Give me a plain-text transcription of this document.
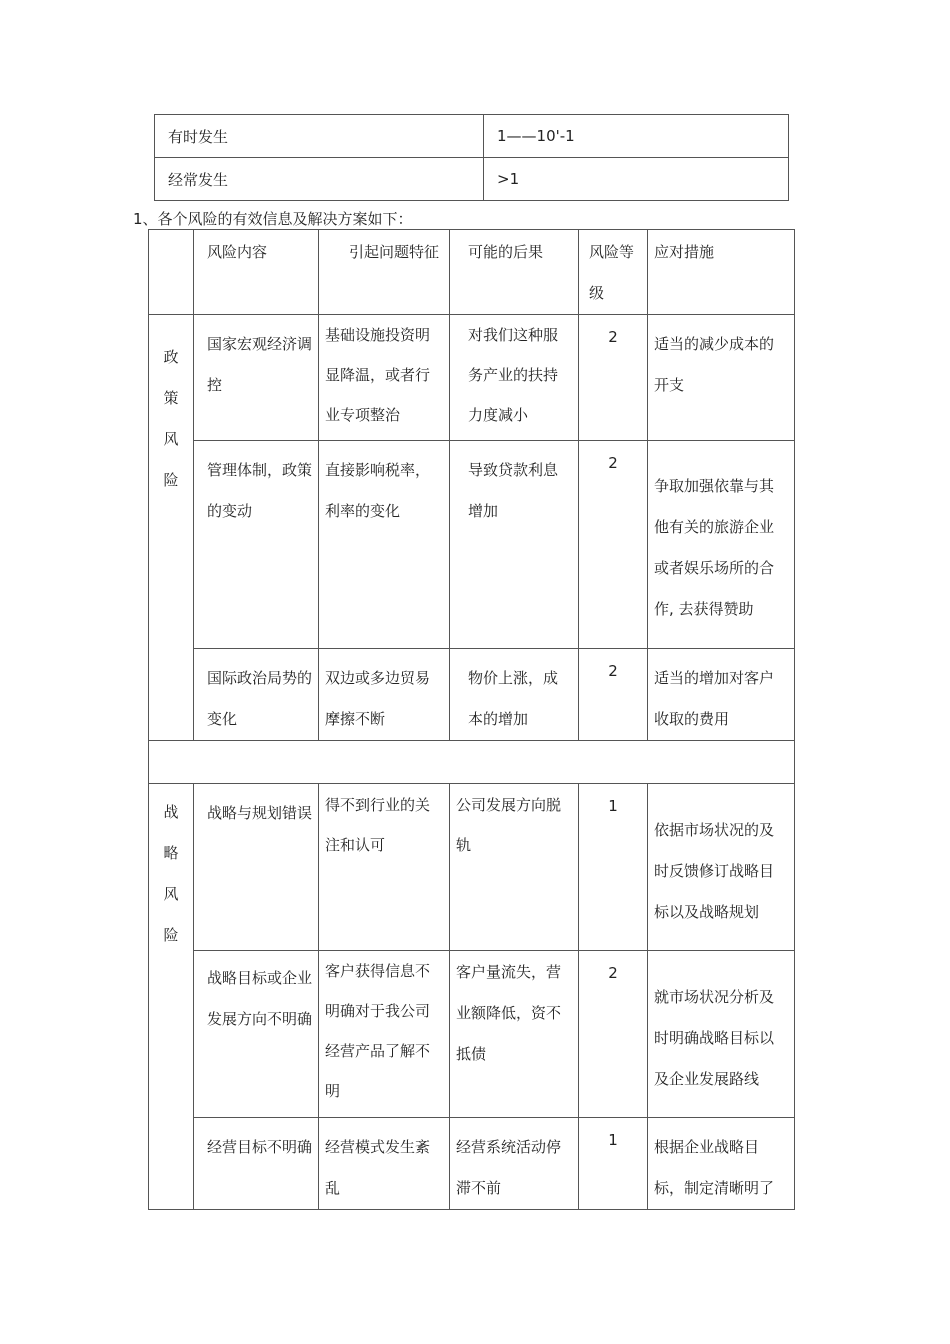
有时发生	1——10'-1
经常发生	>1
1、各个风险的有效信息及解决方案如下：
	风险内容	引起问题特征	可能的后果	风险等级	应对措施
政策风险	国家宏观经济调控	基础设施投资明显降温，或者行业专项整治	对我们这种服务产业的扶持力度减小	2	适当的减少成本的开支
	管理体制，政策的变动	直接影响税率，利率的变化	导致贷款利息增加	2	争取加强依靠与其他有关的旅游企业或者娱乐场所的合作, 去获得赞助
	国际政治局势的变化	双边或多边贸易摩擦不断	物价上涨，成本的增加	2	适当的增加对客户收取的费用

战略风险	战略与规划错误	得不到行业的关注和认可	公司发展方向脱轨	1	依据市场状况的及时反馈修订战略目标以及战略规划
	战略目标或企业发展方向不明确	客户获得信息不明确对于我公司经营产品了解不明	客户量流失，营业额降低，资不抵债	2	就市场状况分析及时明确战略目标以及企业发展路线
	经营目标不明确	经营模式发生紊乱	经营系统活动停滞不前	1	根据企业战略目标，制定清晰明了
